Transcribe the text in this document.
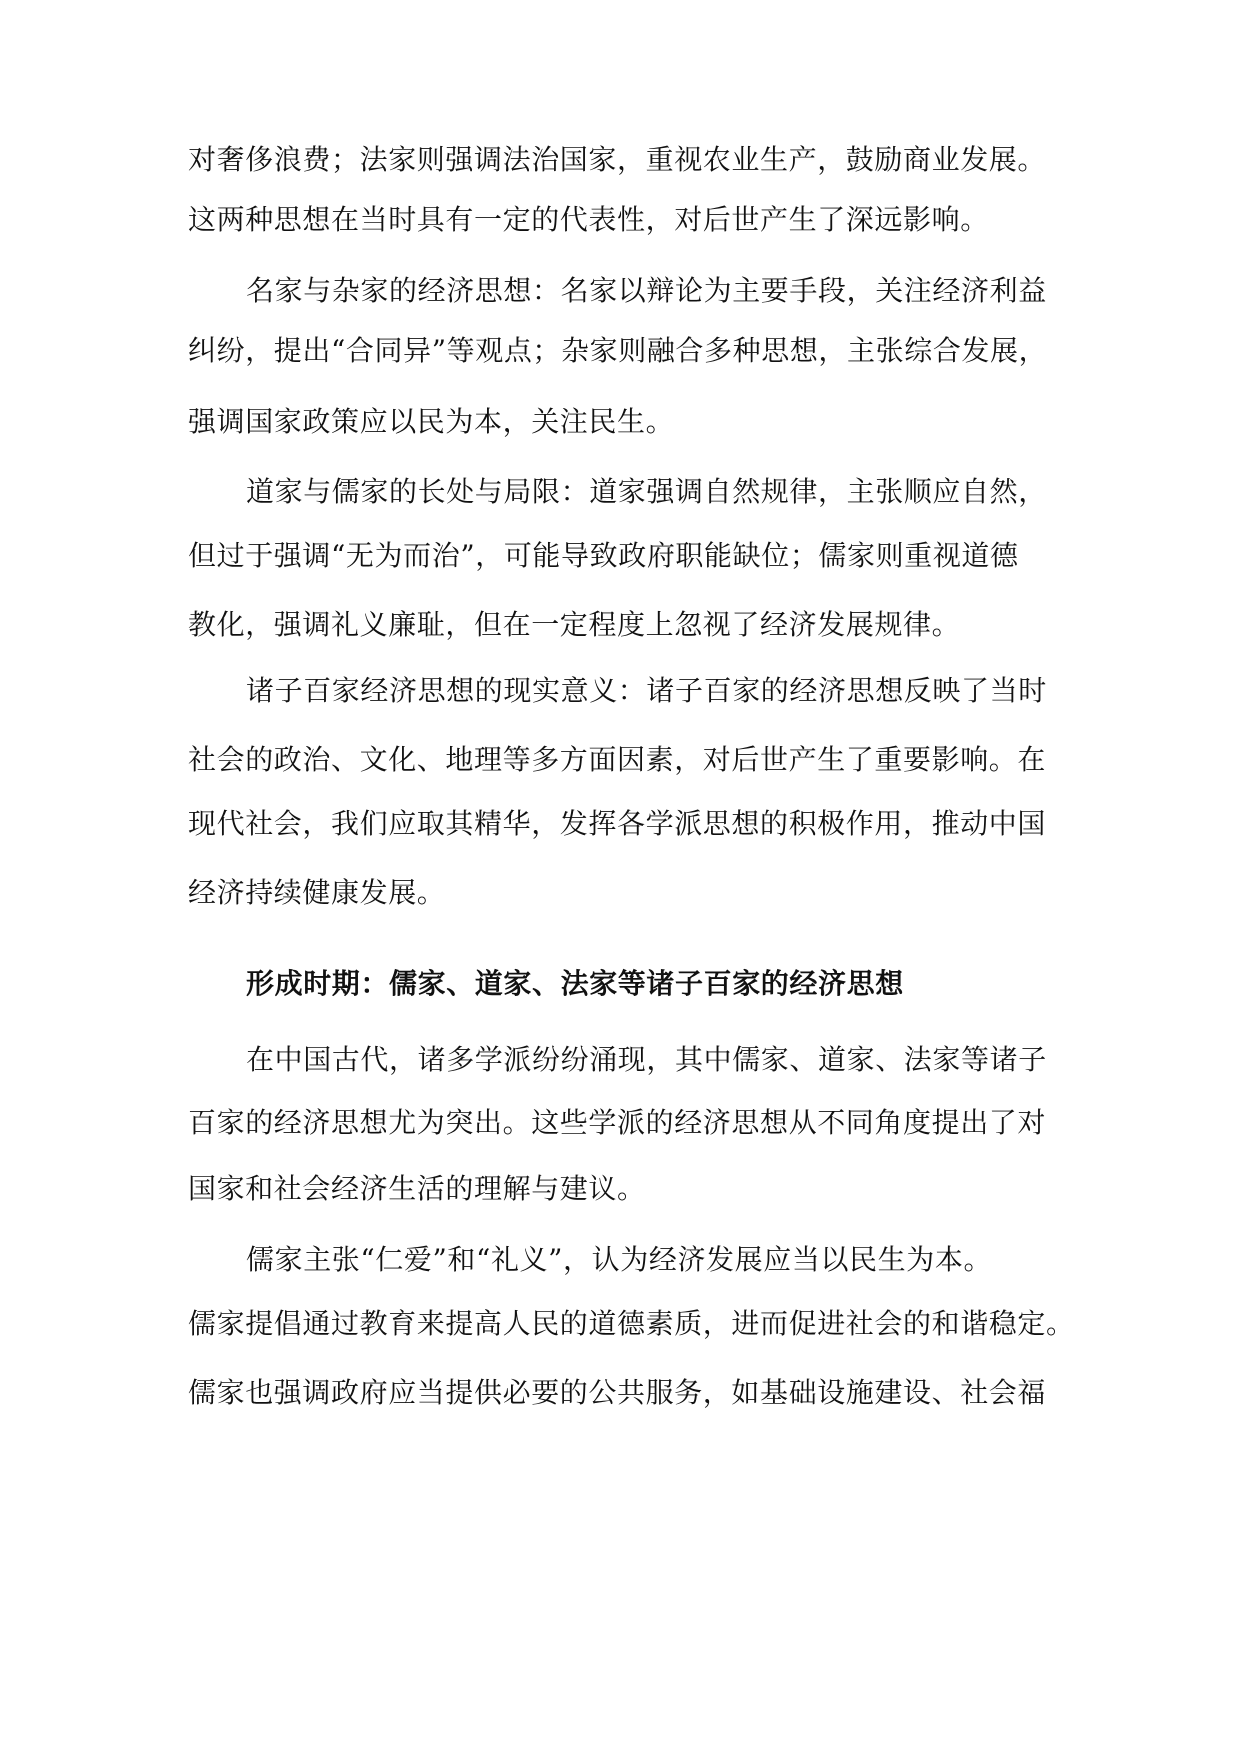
对奢侈浪费；法家则强调法治国家，重视农业生产，鼓励商业发展。
这两种思想在当时具有一定的代表性，对后世产生了深远影响。
名家与杂家的经济思想：名家以辩论为主要手段，关注经济利益
纠纷，提出“合同异”等观点；杂家则融合多种思想，主张综合发展，
强调国家政策应以民为本，关注民生。
道家与儒家的长处与局限：道家强调自然规律，主张顺应自然，
但过于强调“无为而治”，可能导致政府职能缺位；儒家则重视道德
教化，强调礼义廉耻，但在一定程度上忽视了经济发展规律。
诸子百家经济思想的现实意义：诸子百家的经济思想反映了当时
社会的政治、文化、地理等多方面因素，对后世产生了重要影响。在
现代社会，我们应取其精华，发挥各学派思想的积极作用，推动中国
经济持续健康发展。
形成时期：儒家、道家、法家等诸子百家的经济思想
在中国古代，诸多学派纷纷涌现，其中儒家、道家、法家等诸子
百家的经济思想尤为突出。这些学派的经济思想从不同角度提出了对
国家和社会经济生活的理解与建议。
儒家主张“仁爱”和“礼义”，认为经济发展应当以民生为本。
儒家提倡通过教育来提高人民的道德素质，进而促进社会的和谐稳定。
儒家也强调政府应当提供必要的公共服务，如基础设施建设、社会福
